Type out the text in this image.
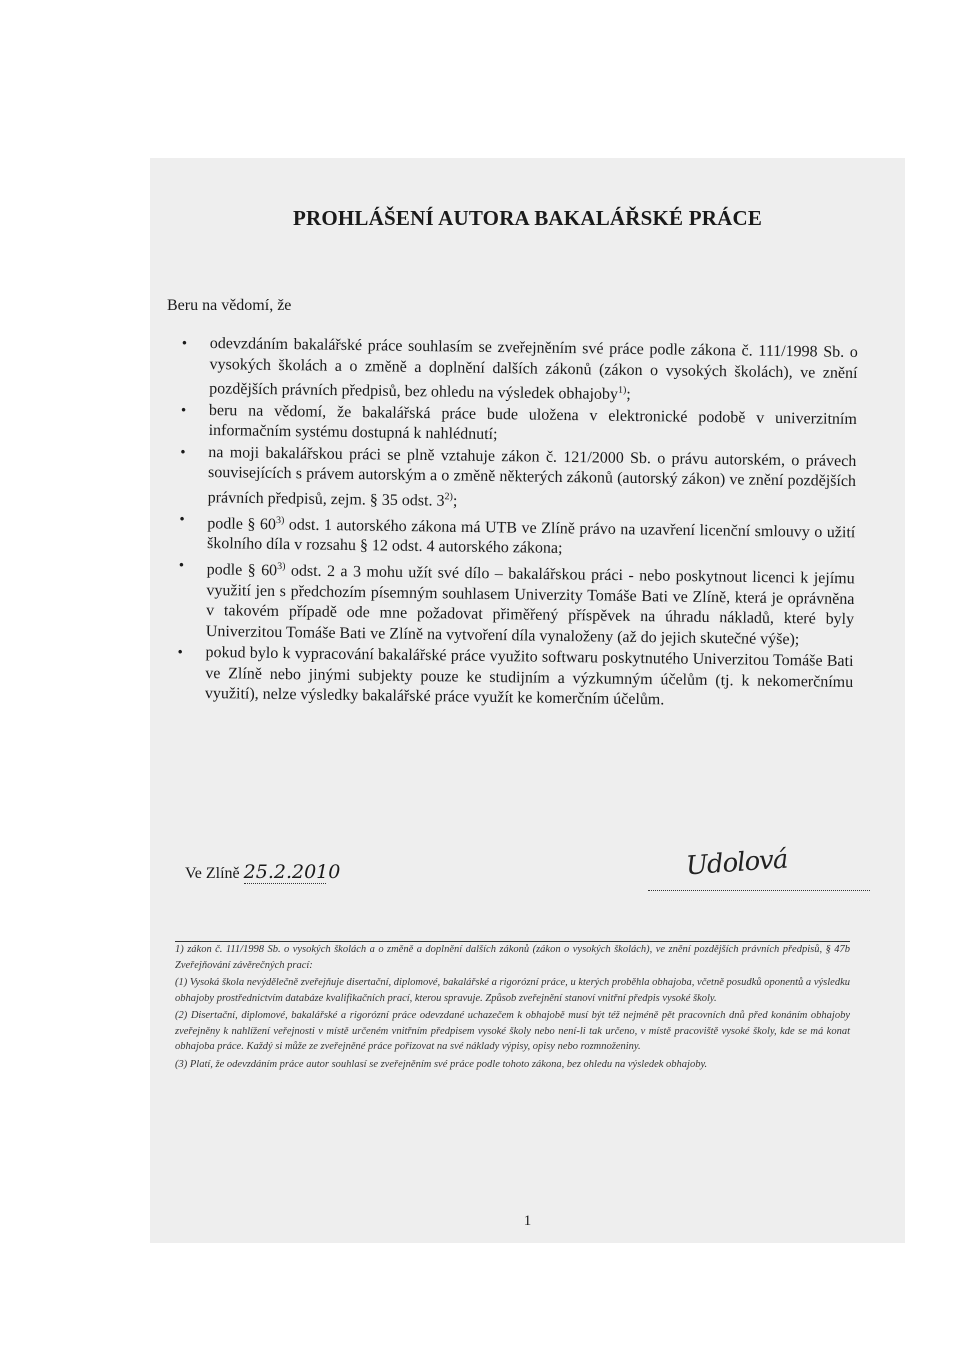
PROHLÁŠENÍ AUTORA BAKALÁŘSKÉ PRÁCE
Beru na vědomí, že
• odevzdáním bakalářské práce souhlasím se zveřejněním své práce podle zákona č. 111/1998 Sb. o vysokých školách a o změně a doplnění dalších zákonů (zákon o vysokých školách), ve znění pozdějších právních předpisů, bez ohledu na výsledek obhajoby$^{1)}$;
• beru na vědomí, že bakalářská práce bude uložena v elektronické podobě v univerzitním informačním systému dostupná k nahlédnutí;
• na moji bakalářskou práci se plně vztahuje zákon č. 121/2000 Sb. o právu autorském, o právech souvisejících s právem autorským a o změně některých zákonů (autorský zákon) ve znění pozdějších právních předpisů, zejm. § 35 odst. 3$^{2)}$;
• podle § 60$^{3)}$ odst. 1 autorského zákona má UTB ve Zlíně právo na uzavření licenční smlouvy o užití školního díla v rozsahu § 12 odst. 4 autorského zákona;
• podle § 60$^{3)}$ odst. 2 a 3 mohu užít své dílo – bakalářskou práci - nebo poskytnout licenci k jejímu využití jen s předchozím písemným souhlasem Univerzity Tomáše Bati ve Zlíně, která je oprávněna v takovém případě ode mne požadovat přiměřený příspěvek na úhradu nákladů, které byly Univerzitou Tomáše Bati ve Zlíně na vytvoření díla vynaloženy (až do jejich skutečné výše);
• pokud bylo k vypracování bakalářské práce využito softwaru poskytnutého Univerzitou Tomáše Bati ve Zlíně nebo jinými subjekty pouze ke studijním a výzkumným účelům (tj. k nekomerčnímu využití), nelze výsledky bakalářské práce využít ke komerčním účelům.
Ve Zlíně 25.2.2010	Udolová

1) zákon č. 111/1998 Sb. o vysokých školách a o změně a doplnění dalších zákonů (zákon o vysokých školách), ve znění pozdějších právních předpisů, § 47b Zveřejňování závěrečných prací:

(1) Vysoká škola nevýdělečně zveřejňuje disertační, diplomové, bakalářské a rigorózní práce, u kterých proběhla obhajoba, včetně posudků oponentů a výsledku obhajoby prostřednictvím databáze kvalifikačních prací, kterou spravuje. Způsob zveřejnění stanoví vnitřní předpis vysoké školy.

(2) Disertační, diplomové, bakalářské a rigorózní práce odevzdané uchazečem k obhajobě musí být též nejméně pět pracovních dnů před konáním obhajoby zveřejněny k nahlížení veřejnosti v místě určeném vnitřním předpisem vysoké školy nebo není-li tak určeno, v místě pracoviště vysoké školy, kde se má konat obhajoba práce. Každý si může ze zveřejněné práce pořizovat na své náklady výpisy, opisy nebo rozmnoženiny.

(3) Platí, že odevzdáním práce autor souhlasí se zveřejněním své práce podle tohoto zákona, bez ohledu na výsledek obhajoby.

1
